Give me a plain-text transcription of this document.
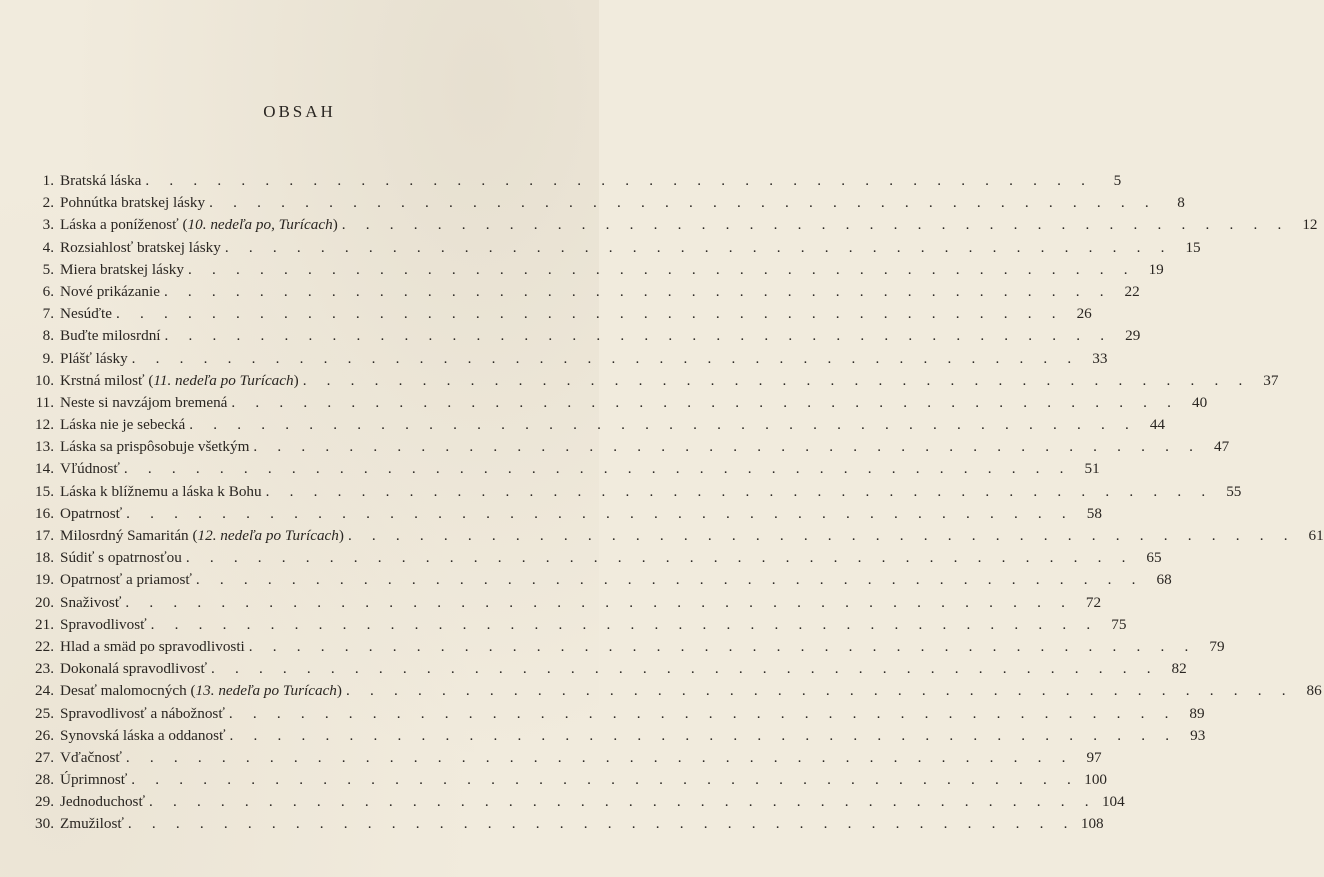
OBSAH
1. Bratská láska . . . . . . . . . . . . . . . . . . . . . . . . . . . . . . . . . . . . . . . .	5
2. Pohnútka bratskej lásky . . . . . . . . . . . . . . . . . . . . . . . . . . . . . . . . . . . . . . . .	8
3. Láska a poníženosť (10. nedeľa po, Turícach) . . . . . . . . . . . . . . . . . . . . . . . . . . . . . . . . . . . . . . . . 12
4. Rozsiahlosť bratskej lásky . . . . . . . . . . . . . . . . . . . . . . . . . . . . . . . . . . . . . . . . 15
5. Miera bratskej lásky . . . . . . . . . . . . . . . . . . . . . . . . . . . . . . . . . . . . . . . . 19
6. Nové prikázanie . . . . . . . . . . . . . . . . . . . . . . . . . . . . . . . . . . . . . . . . 22
7. Nesúďte . . . . . . . . . . . . . . . . . . . . . . . . . . . . . . . . . . . . . . . . 26
8. Buďte milosrdní . . . . . . . . . . . . . . . . . . . . . . . . . . . . . . . . . . . . . . . . 29
9. Plášť lásky . . . . . . . . . . . . . . . . . . . . . . . . . . . . . . . . . . . . . . . . 33
10. Krstná milosť (11. nedeľa po Turícach) . . . . . . . . . . . . . . . . . . . . . . . . . . . . . . . . . . . . . . . . 37
11. Neste si navzájom bremená . . . . . . . . . . . . . . . . . . . . . . . . . . . . . . . . . . . . . . . . 40
12. Láska nie je sebecká . . . . . . . . . . . . . . . . . . . . . . . . . . . . . . . . . . . . . . . . 44
13. Láska sa prispôsobuje všetkým . . . . . . . . . . . . . . . . . . . . . . . . . . . . . . . . . . . . . . . . 47
14. Vľúdnosť . . . . . . . . . . . . . . . . . . . . . . . . . . . . . . . . . . . . . . . . 51
15. Láska k blížnemu a láska k Bohu . . . . . . . . . . . . . . . . . . . . . . . . . . . . . . . . . . . . . . . . 55
16. Opatrnosť . . . . . . . . . . . . . . . . . . . . . . . . . . . . . . . . . . . . . . . . 58
17. Milosrdný Samaritán (12. nedeľa po Turícach) . . . . . . . . . . . . . . . . . . . . . . . . . . . . . . . . . . . . . . . . 61
18. Súdiť s opatrnosťou . . . . . . . . . . . . . . . . . . . . . . . . . . . . . . . . . . . . . . . . 65
19. Opatrnosť a priamosť . . . . . . . . . . . . . . . . . . . . . . . . . . . . . . . . . . . . . . . . 68
20. Snaživosť . . . . . . . . . . . . . . . . . . . . . . . . . . . . . . . . . . . . . . . . 72
21. Spravodlivosť . . . . . . . . . . . . . . . . . . . . . . . . . . . . . . . . . . . . . . . . 75
22. Hlad a smäd po spravodlivosti . . . . . . . . . . . . . . . . . . . . . . . . . . . . . . . . . . . . . . . . 79
23. Dokonalá spravodlivosť . . . . . . . . . . . . . . . . . . . . . . . . . . . . . . . . . . . . . . . . 82
24. Desať malomocných (13. nedeľa po Turícach) . . . . . . . . . . . . . . . . . . . . . . . . . . . . . . . . . . . . . . . . 86
25. Spravodlivosť a nábožnosť . . . . . . . . . . . . . . . . . . . . . . . . . . . . . . . . . . . . . . . . 89
26. Synovská láska a oddanosť . . . . . . . . . . . . . . . . . . . . . . . . . . . . . . . . . . . . . . . . 93
27. Vďačnosť . . . . . . . . . . . . . . . . . . . . . . . . . . . . . . . . . . . . . . . . 97
28. Úprimnosť . . . . . . . . . . . . . . . . . . . . . . . . . . . . . . . . . . . . . . . . 100
29. Jednoduchosť . . . . . . . . . . . . . . . . . . . . . . . . . . . . . . . . . . . . . . . . 104
30. Zmužilosť . . . . . . . . . . . . . . . . . . . . . . . . . . . . . . . . . . . . . . . . 108
